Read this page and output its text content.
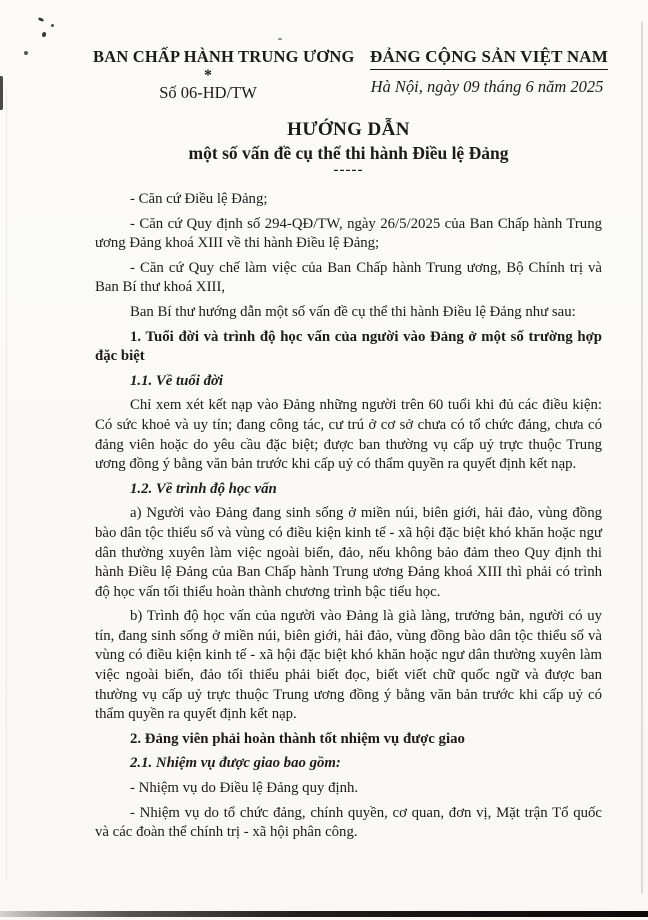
BAN CHẤP HÀNH TRUNG ƯƠNG
*
Số 06-HD/TW
ĐẢNG CỘNG SẢN VIỆT NAM
Hà Nội, ngày 09 tháng 6 năm 2025
HƯỚNG DẪN
một số vấn đề cụ thể thi hành Điều lệ Đảng
-----

- Căn cứ Điều lệ Đảng;

- Căn cứ Quy định số 294-QĐ/TW, ngày 26/5/2025 của Ban Chấp hành Trung ương Đảng khoá XIII về thi hành Điều lệ Đảng;

- Căn cứ Quy chế làm việc của Ban Chấp hành Trung ương, Bộ Chính trị và Ban Bí thư khoá XIII,

Ban Bí thư hướng dẫn một số vấn đề cụ thể thi hành Điều lệ Đảng như sau:

1. Tuổi đời và trình độ học vấn của người vào Đảng ở một số trường hợp đặc biệt

1.1. Về tuổi đời

Chỉ xem xét kết nạp vào Đảng những người trên 60 tuổi khi đủ các điều kiện: Có sức khoẻ và uy tín; đang công tác, cư trú ở cơ sở chưa có tổ chức đảng, chưa có đảng viên hoặc do yêu cầu đặc biệt; được ban thường vụ cấp uỷ trực thuộc Trung ương đồng ý bằng văn bản trước khi cấp uỷ có thẩm quyền ra quyết định kết nạp.

1.2. Về trình độ học vấn

a) Người vào Đảng đang sinh sống ở miền núi, biên giới, hải đảo, vùng đồng bào dân tộc thiểu số và vùng có điều kiện kinh tế - xã hội đặc biệt khó khăn hoặc ngư dân thường xuyên làm việc ngoài biển, đảo, nếu không bảo đảm theo Quy định thi hành Điều lệ Đảng của Ban Chấp hành Trung ương Đảng khoá XIII thì phải có trình độ học vấn tối thiểu hoàn thành chương trình bậc tiểu học.

b) Trình độ học vấn của người vào Đảng là già làng, trưởng bản, người có uy tín, đang sinh sống ở miền núi, biên giới, hải đảo, vùng đồng bào dân tộc thiểu số và vùng có điều kiện kinh tế - xã hội đặc biệt khó khăn hoặc ngư dân thường xuyên làm việc ngoài biển, đảo tối thiểu phải biết đọc, biết viết chữ quốc ngữ và được ban thường vụ cấp uỷ trực thuộc Trung ương đồng ý bằng văn bản trước khi cấp uỷ có thẩm quyền ra quyết định kết nạp.

2. Đảng viên phải hoàn thành tốt nhiệm vụ được giao

2.1. Nhiệm vụ được giao bao gồm:

- Nhiệm vụ do Điều lệ Đảng quy định.

- Nhiệm vụ do tổ chức đảng, chính quyền, cơ quan, đơn vị, Mặt trận Tổ quốc và các đoàn thể chính trị - xã hội phân công.
